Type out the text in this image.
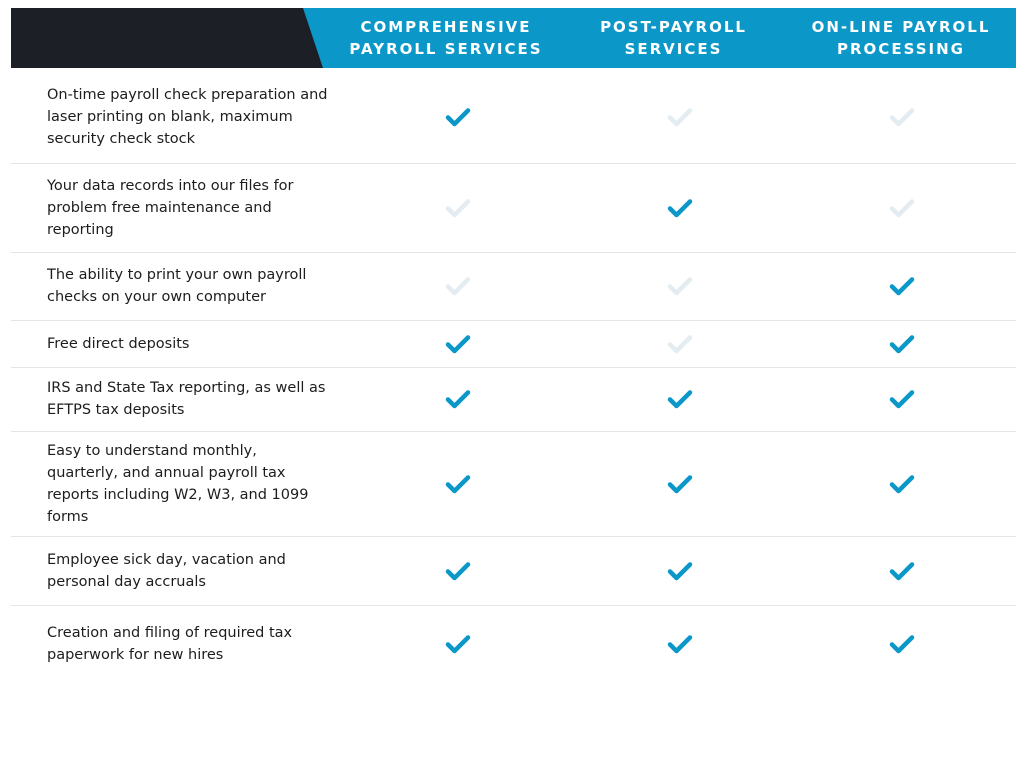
COMPREHENSIVE
PAYROLL SERVICES
POST-PAYROLL
SERVICES
ON-LINE PAYROLL
PROCESSING
On-time payroll check preparation and laser printing on blank, maximum security check stock
Your data records into our files for problem free maintenance and reporting
The ability to print your own payroll checks on your own computer
Free direct deposits
IRS and State Tax reporting, as well as EFTPS tax deposits
Easy to understand monthly, quarterly, and annual payroll tax reports including W2, W3, and 1099 forms
Employee sick day, vacation and personal day accruals
Creation and filing of required tax paperwork for new hires
